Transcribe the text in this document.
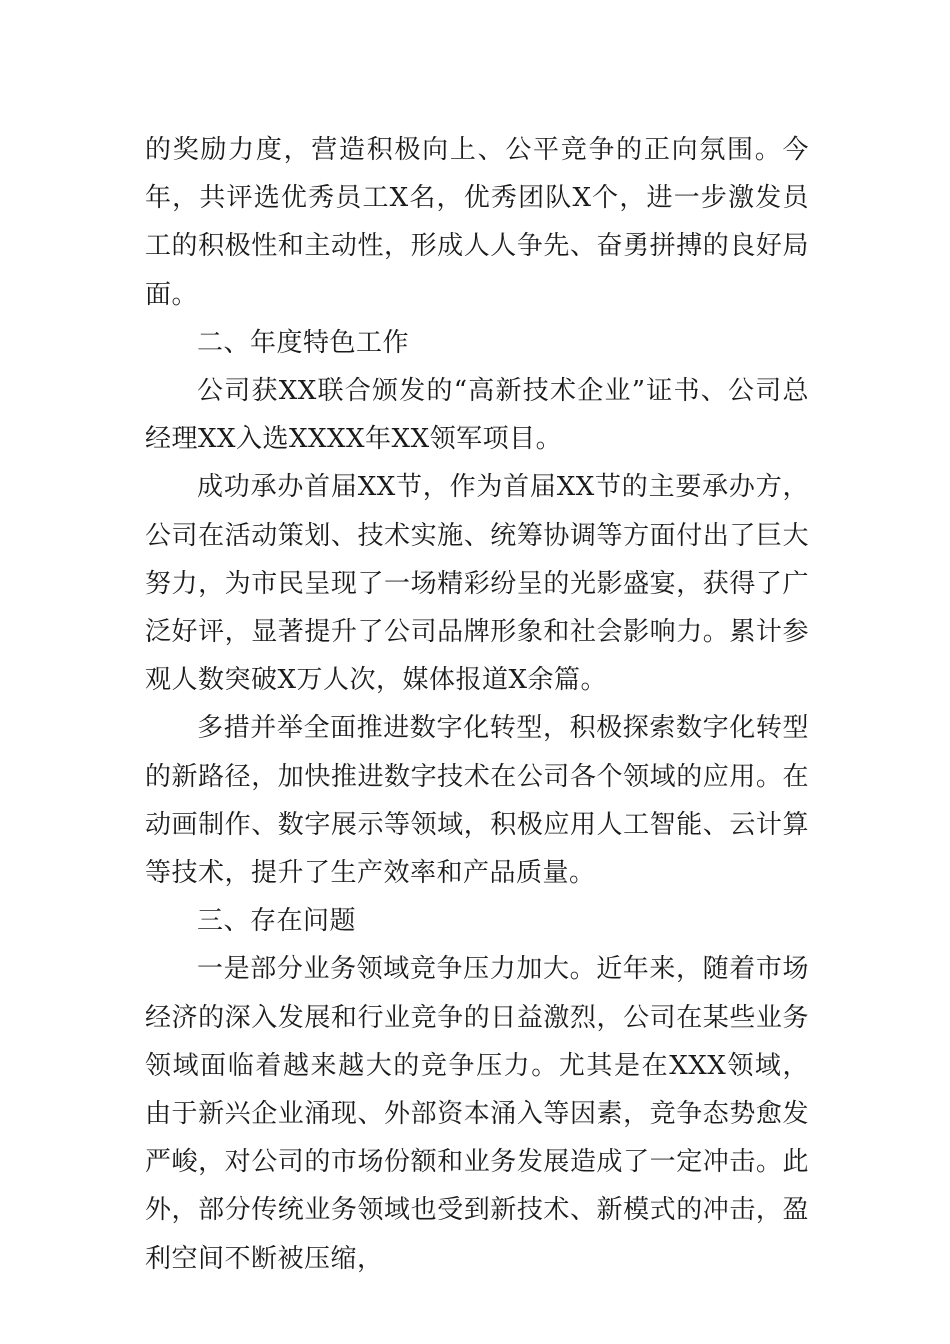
的奖励力度，营造积极向上、公平竞争的正向氛围。今年，共评选优秀员工X名，优秀团队X个，进一步激发员工的积极性和主动性，形成人人争先、奋勇拼搏的良好局面。

二、年度特色工作

公司获XX联合颁发的“高新技术企业”证书、公司总经理XX入选XXXX年XX领军项目。

成功承办首届XX节，作为首届XX节的主要承办方，公司在活动策划、技术实施、统筹协调等方面付出了巨大努力，为市民呈现了一场精彩纷呈的光影盛宴，获得了广泛好评，显著提升了公司品牌形象和社会影响力。累计参观人数突破X万人次，媒体报道X余篇。

多措并举全面推进数字化转型，积极探索数字化转型的新路径，加快推进数字技术在公司各个领域的应用。在动画制作、数字展示等领域，积极应用人工智能、云计算等技术，提升了生产效率和产品质量。

三、存在问题

一是部分业务领域竞争压力加大。近年来，随着市场经济的深入发展和行业竞争的日益激烈，公司在某些业务领域面临着越来越大的竞争压力。尤其是在XXX领域，由于新兴企业涌现、外部资本涌入等因素，竞争态势愈发严峻，对公司的市场份额和业务发展造成了一定冲击。此外，部分传统业务领域也受到新技术、新模式的冲击，盈利空间不断被压缩，
